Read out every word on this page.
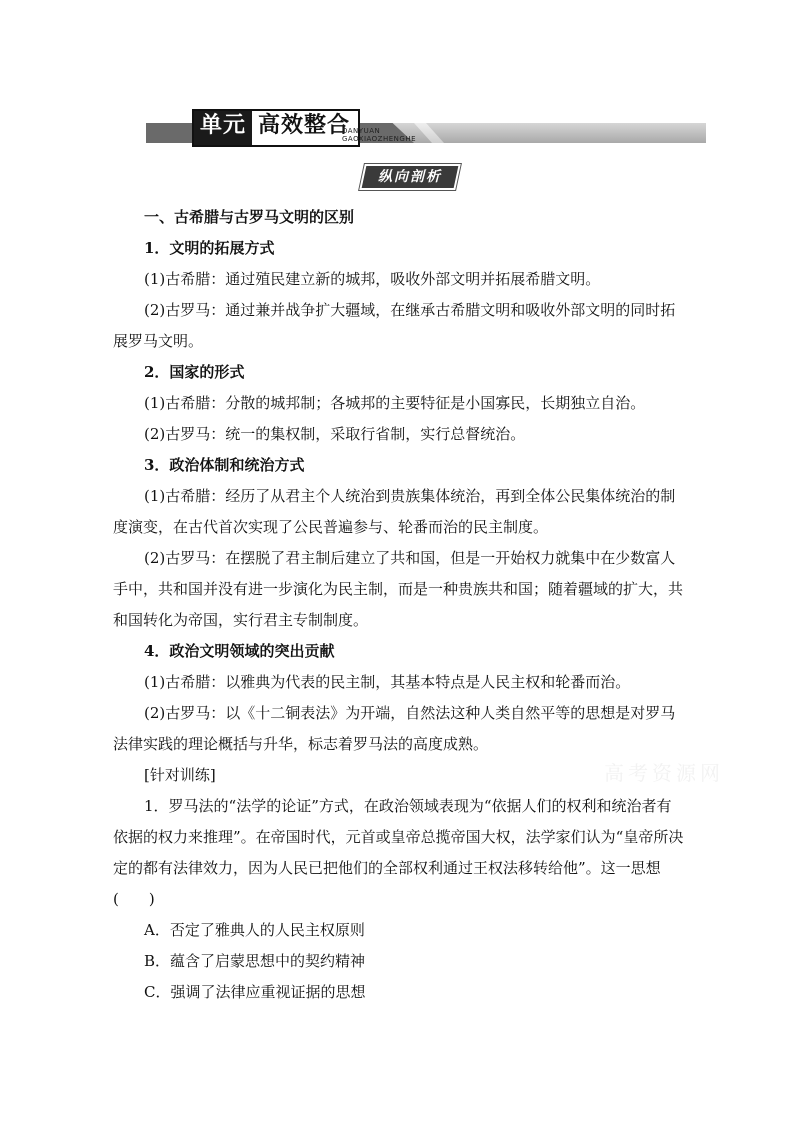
单元 高效整合
DANYUAN
GAOXIAOZHENGHE
纵向剖析
高考资源网

一、古希腊与古罗马文明的区别

1．文明的拓展方式

(1)古希腊：通过殖民建立新的城邦，吸收外部文明并拓展希腊文明。

(2)古罗马：通过兼并战争扩大疆域，在继承古希腊文明和吸收外部文明的同时拓展罗马文明。

2．国家的形式

(1)古希腊：分散的城邦制；各城邦的主要特征是小国寡民，长期独立自治。

(2)古罗马：统一的集权制，采取行省制，实行总督统治。

3．政治体制和统治方式

(1)古希腊：经历了从君主个人统治到贵族集体统治，再到全体公民集体统治的制度演变，在古代首次实现了公民普遍参与、轮番而治的民主制度。

(2)古罗马：在摆脱了君主制后建立了共和国，但是一开始权力就集中在少数富人手中，共和国并没有进一步演化为民主制，而是一种贵族共和国；随着疆域的扩大，共和国转化为帝国，实行君主专制制度。

4．政治文明领域的突出贡献

(1)古希腊：以雅典为代表的民主制，其基本特点是人民主权和轮番而治。

(2)古罗马：以《十二铜表法》为开端，自然法这种人类自然平等的思想是对罗马法律实践的理论概括与升华，标志着罗马法的高度成熟。

[针对训练]

1．罗马法的“法学的论证”方式，在政治领域表现为“依据人们的权利和统治者有依据的权力来推理”。在帝国时代，元首或皇帝总揽帝国大权，法学家们认为“皇帝所决定的都有法律效力，因为人民已把他们的全部权利通过王权法移转给他”。这一思想(　　)

A．否定了雅典人的人民主权原则

B．蕴含了启蒙思想中的契约精神

C．强调了法律应重视证据的思想
